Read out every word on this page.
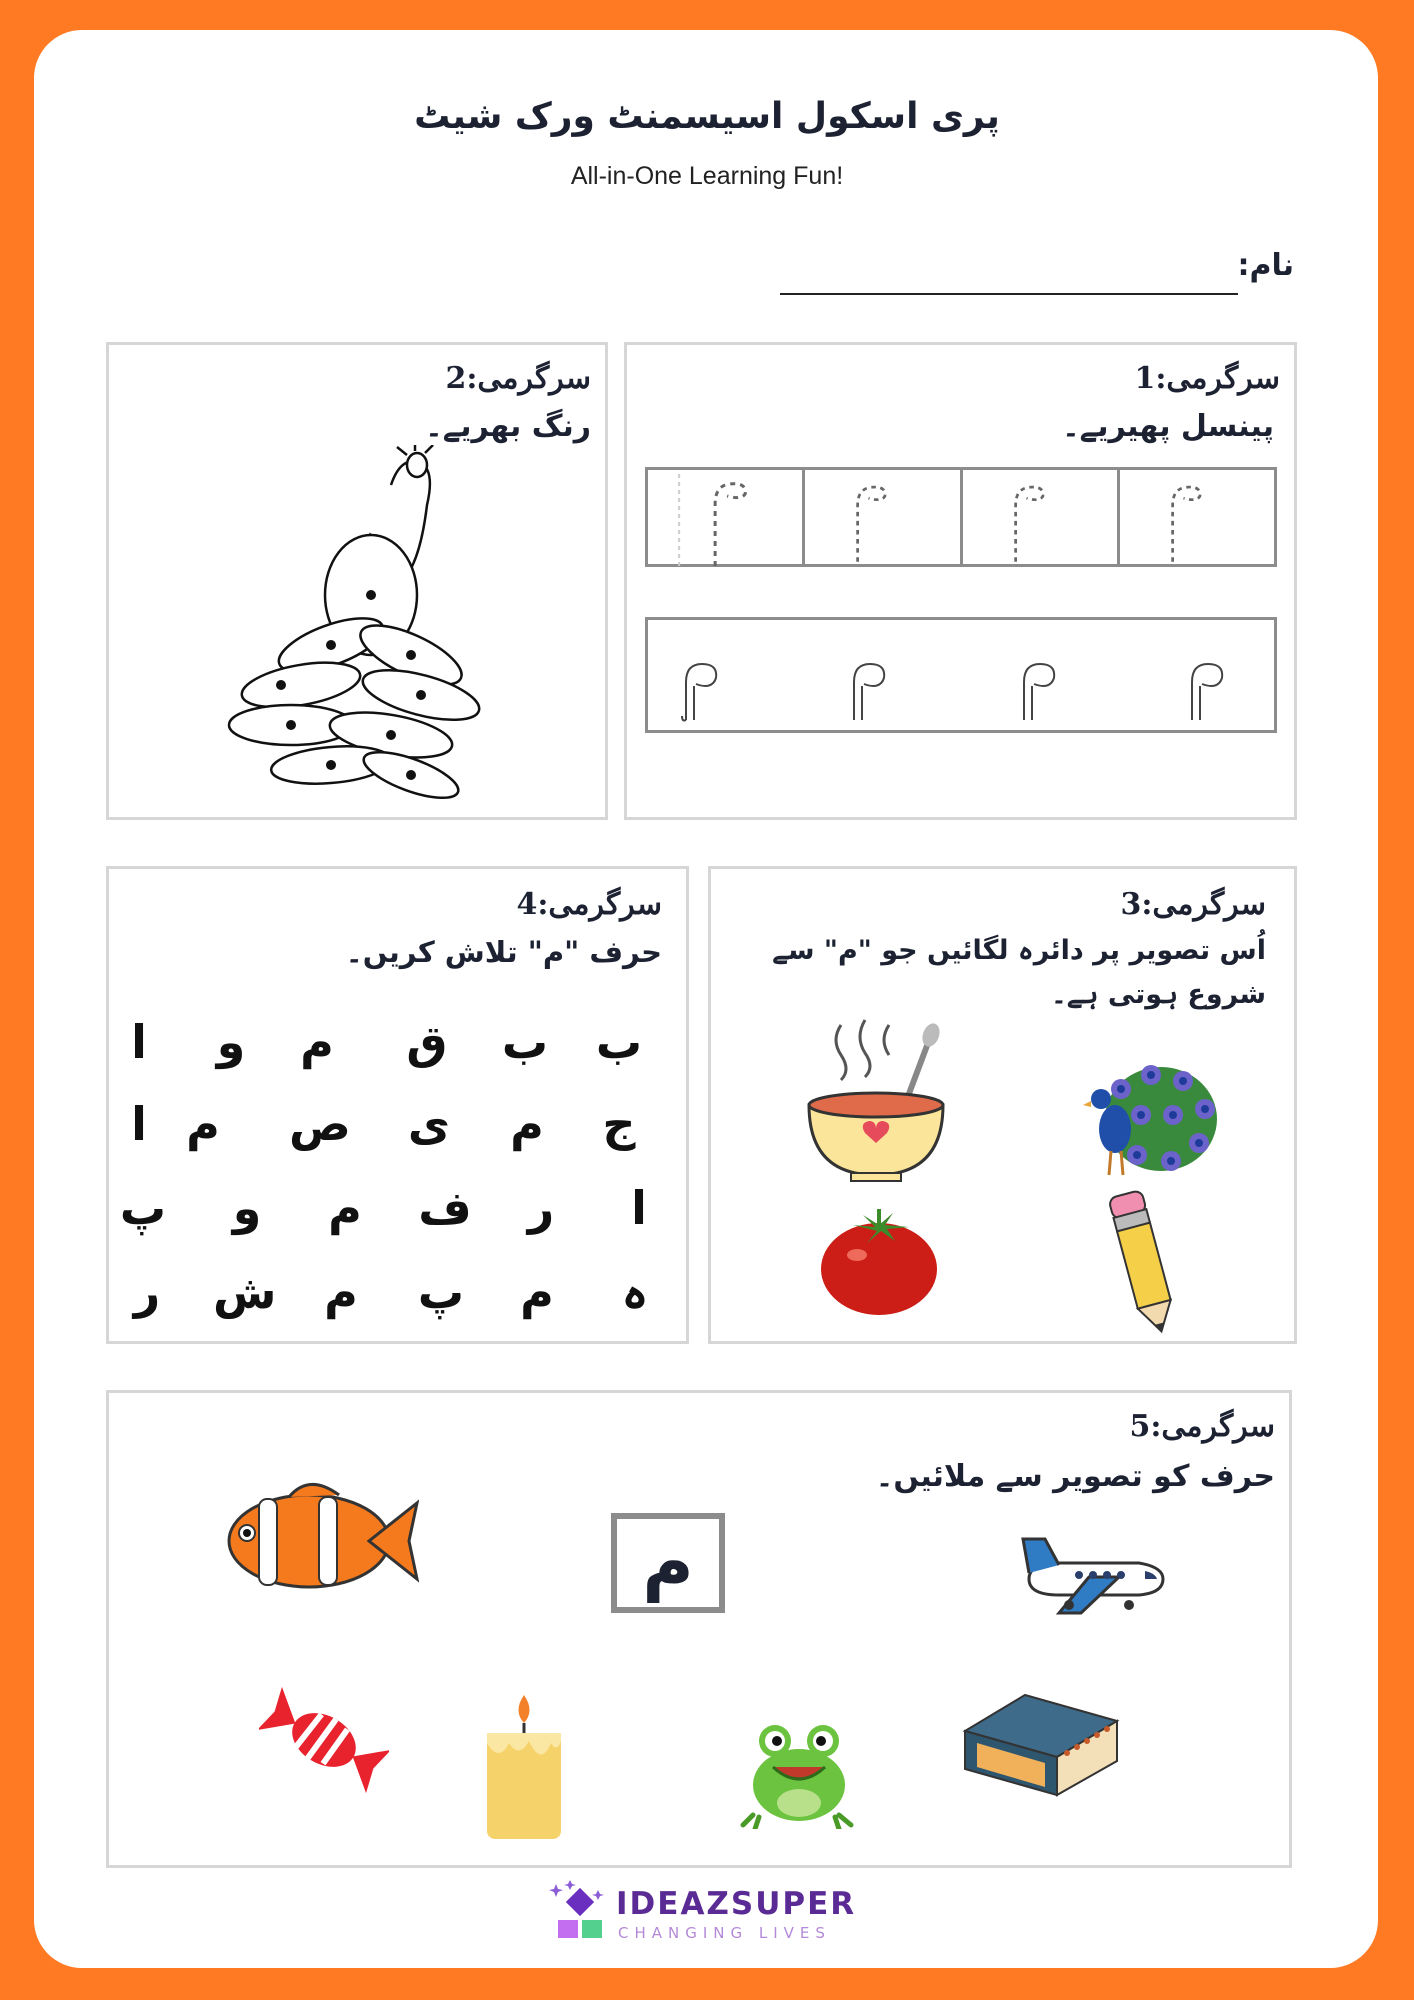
پری اسکول اسیسمنٹ ورک شیٹ
All-in-One Learning Fun!
نام:
سرگرمی:1
پینسل پھیریے۔
سرگرمی:2
رنگ بھریے۔
سرگرمی:3
اُس تصویر پر دائرہ لگائیں جو "م" سے
شروع ہوتی ہے۔
سرگرمی:4
حرف "م" تلاش کریں۔
ب
ب
ق
م
و
ا
ج
م
ی
ص
م
ا
ا
ر
ف
م
و
پ
ہ
م
پ
م
ش
ر
سرگرمی:5
حرف کو تصویر سے ملائیں۔
م
IDEAZSUPER
CHANGING LIVES
